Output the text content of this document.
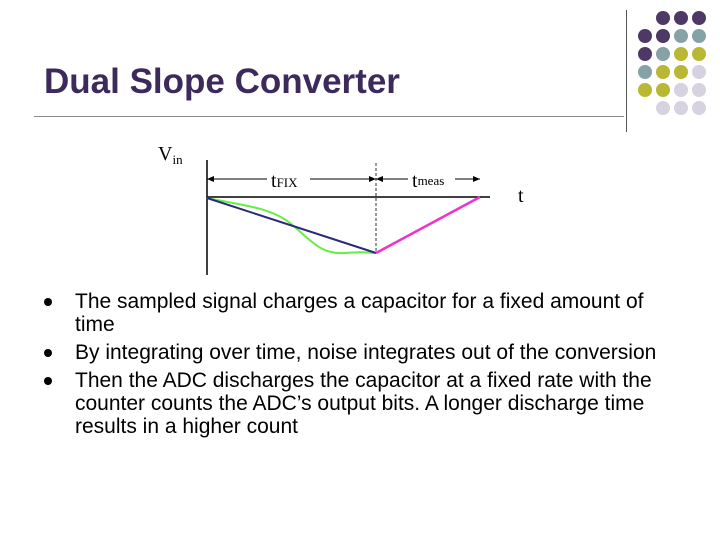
Dual Slope Converter
$V_{in}$
tFIX	tmeas
t
The sampled signal charges a capacitor for a fixed amount of time
By integrating over time, noise integrates out of the conversion
Then the ADC discharges the capacitor at a fixed rate with the counter counts the ADC’s output bits. A longer discharge time results in a higher count
